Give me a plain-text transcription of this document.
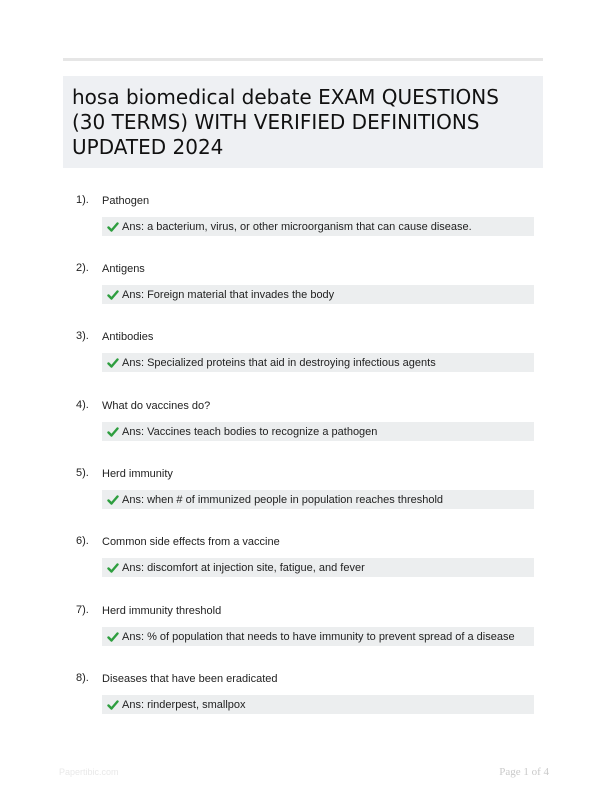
hosa biomedical debate EXAM QUESTIONS (30 TERMS) WITH VERIFIED DEFINITIONS UPDATED 2024
1). Pathogen
Ans: a bacterium, virus, or other microorganism that can cause disease.
2). Antigens
Ans: Foreign material that invades the body
3). Antibodies
Ans: Specialized proteins that aid in destroying infectious agents
4). What do vaccines do?
Ans: Vaccines teach bodies to recognize a pathogen
5). Herd immunity
Ans: when # of immunized people in population reaches threshold
6). Common side effects from a vaccine
Ans: discomfort at injection site, fatigue, and fever
7). Herd immunity threshold
Ans: % of population that needs to have immunity to prevent spread of a disease
8). Diseases that have been eradicated
Ans: rinderpest, smallpox
Papertibic.com	Page 1 of 4
